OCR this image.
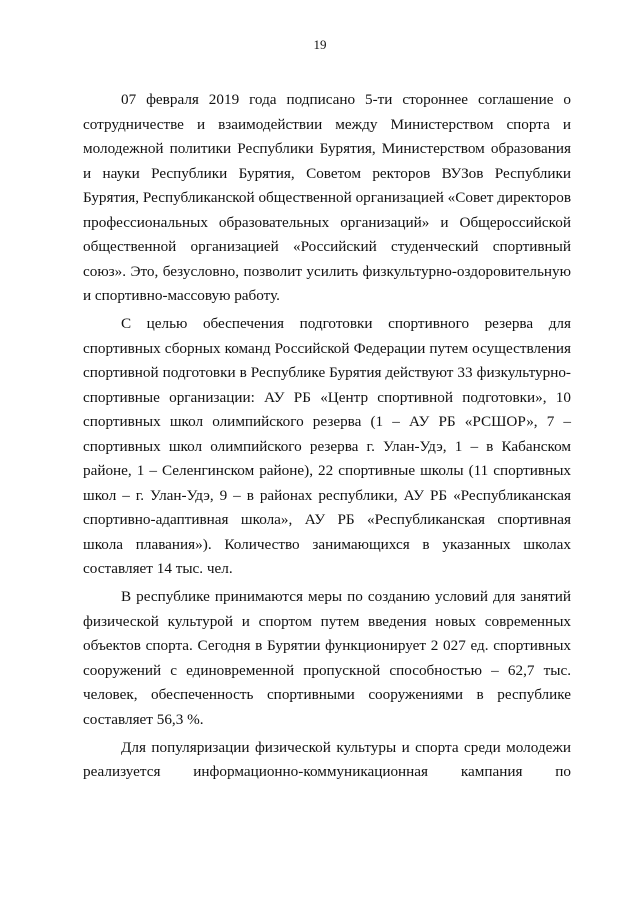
19

07 февраля 2019 года подписано 5-ти стороннее соглашение о сотрудничестве и взаимодействии между Министерством спорта и молодежной политики Республики Бурятия, Министерством образования и науки Республики Бурятия, Советом ректоров ВУЗов Республики Бурятия, Республиканской общественной организацией «Совет директоров профессиональных образовательных организаций» и Общероссийской общественной организацией «Российский студенческий спортивный союз». Это, безусловно, позволит усилить физкультурно-оздоровительную и спортивно-массовую работу.

С целью обеспечения подготовки спортивного резерва для спортивных сборных команд Российской Федерации путем осуществления спортивной подготовки в Республике Бурятия действуют 33 физкультурно-спортивные организации: АУ РБ «Центр спортивной подготовки», 10 спортивных школ олимпийского резерва (1 – АУ РБ «РСШОР», 7 – спортивных школ олимпийского резерва г. Улан-Удэ, 1 – в Кабанском районе, 1 – Селенгинском районе), 22 спортивные школы (11 спортивных школ – г. Улан-Удэ, 9 – в районах республики, АУ РБ «Республиканская спортивно-адаптивная школа», АУ РБ «Республиканская спортивная школа плавания»). Количество занимающихся в указанных школах составляет 14 тыс. чел.

В республике принимаются меры по созданию условий для занятий физической культурой и спортом путем введения новых современных объектов спорта. Сегодня в Бурятии функционирует 2 027 ед. спортивных сооружений с единовременной пропускной способностью – 62,7 тыс. человек, обеспеченность спортивными сооружениями в республике составляет 56,3 %.

Для популяризации физической культуры и спорта среди молодежи реализуется информационно-коммуникационная кампания по
